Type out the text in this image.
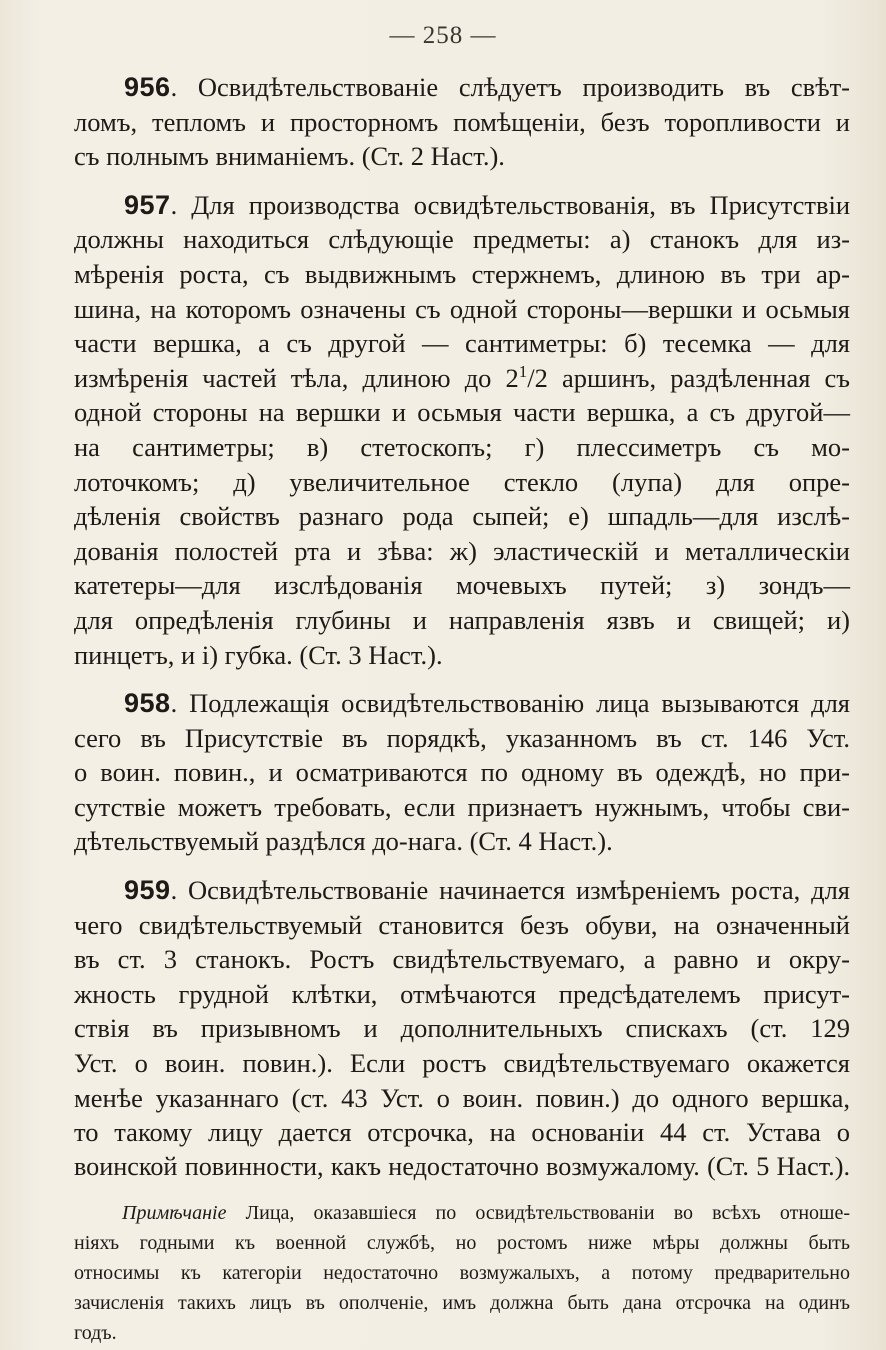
— 258 —
956. Освидѣтельствованіе слѣдуетъ производить въ свѣт-
ломъ, тепломъ и просторномъ помѣщеніи, безъ торопливости и
съ полнымъ вниманіемъ. (Ст. 2 Наст.).
957. Для производства освидѣтельствованія, въ Присутствіи
должны находиться слѣдующіе предметы: а) станокъ для из-
мѣренія роста, съ выдвижнымъ стержнемъ, длиною въ три ар-
шина, на которомъ означены съ одной стороны—вершки и осьмыя
части вершка, а съ другой — сантиметры: б) тесемка — для
измѣренія частей тѣла, длиною до $2^1/2$ аршинъ, раздѣленная съ
одной стороны на вершки и осьмыя части вершка, а съ другой—
на сантиметры; в) стетоскопъ; г) плессиметръ съ мо-
лоточкомъ; д) увеличительное стекло (лупа) для опре-
дѣленія свойствъ разнаго рода сыпей; е) шпадль—для изслѣ-
дованія полостей рта и зѣва: ж) эластическій и металлическіи
катетеры—для изслѣдованія мочевыхъ путей; з) зондъ—
для опредѣленія глубины и направленія язвъ и свищей; и)
пинцетъ, и і) губка. (Ст. 3 Наст.).
958. Подлежащія освидѣтельствованію лица вызываются для
сего въ Присутствіе въ порядкѣ, указанномъ въ ст. 146 Уст.
о воин. повин., и осматриваются по одному въ одеждѣ, но при-
сутствіе можетъ требовать, если признаетъ нужнымъ, чтобы сви-
дѣтельствуемый раздѣлся до-нага. (Ст. 4 Наст.).
959. Освидѣтельствованіе начинается измѣреніемъ роста, для
чего свидѣтельствуемый становится безъ обуви, на означенный
въ ст. 3 станокъ. Ростъ свидѣтельствуемаго, а равно и окру-
жность грудной клѣтки, отмѣчаются предсѣдателемъ присут-
ствія въ призывномъ и дополнительныхъ спискахъ (ст. 129
Уст. о воин. повин.). Если ростъ свидѣтельствуемаго окажется
менѣе указаннаго (ст. 43 Уст. о воин. повин.) до одного вершка,
то такому лицу дается отсрочка, на основаніи 44 ст. Устава о
воинской повинности, какъ недостаточно возмужалому. (Ст. 5 Наст.).
Примѣчаніе Лица, оказавшіеся по освидѣтельствованіи во всѣхъ отноше-
ніяхъ годными къ военной службѣ, но ростомъ ниже мѣры должны быть
относимы къ категоріи недостаточно возмужалыхъ, а потому предварительно
зачисленія такихъ лицъ въ ополченіе, имъ должна быть дана отсрочка на одинъ
годъ.
